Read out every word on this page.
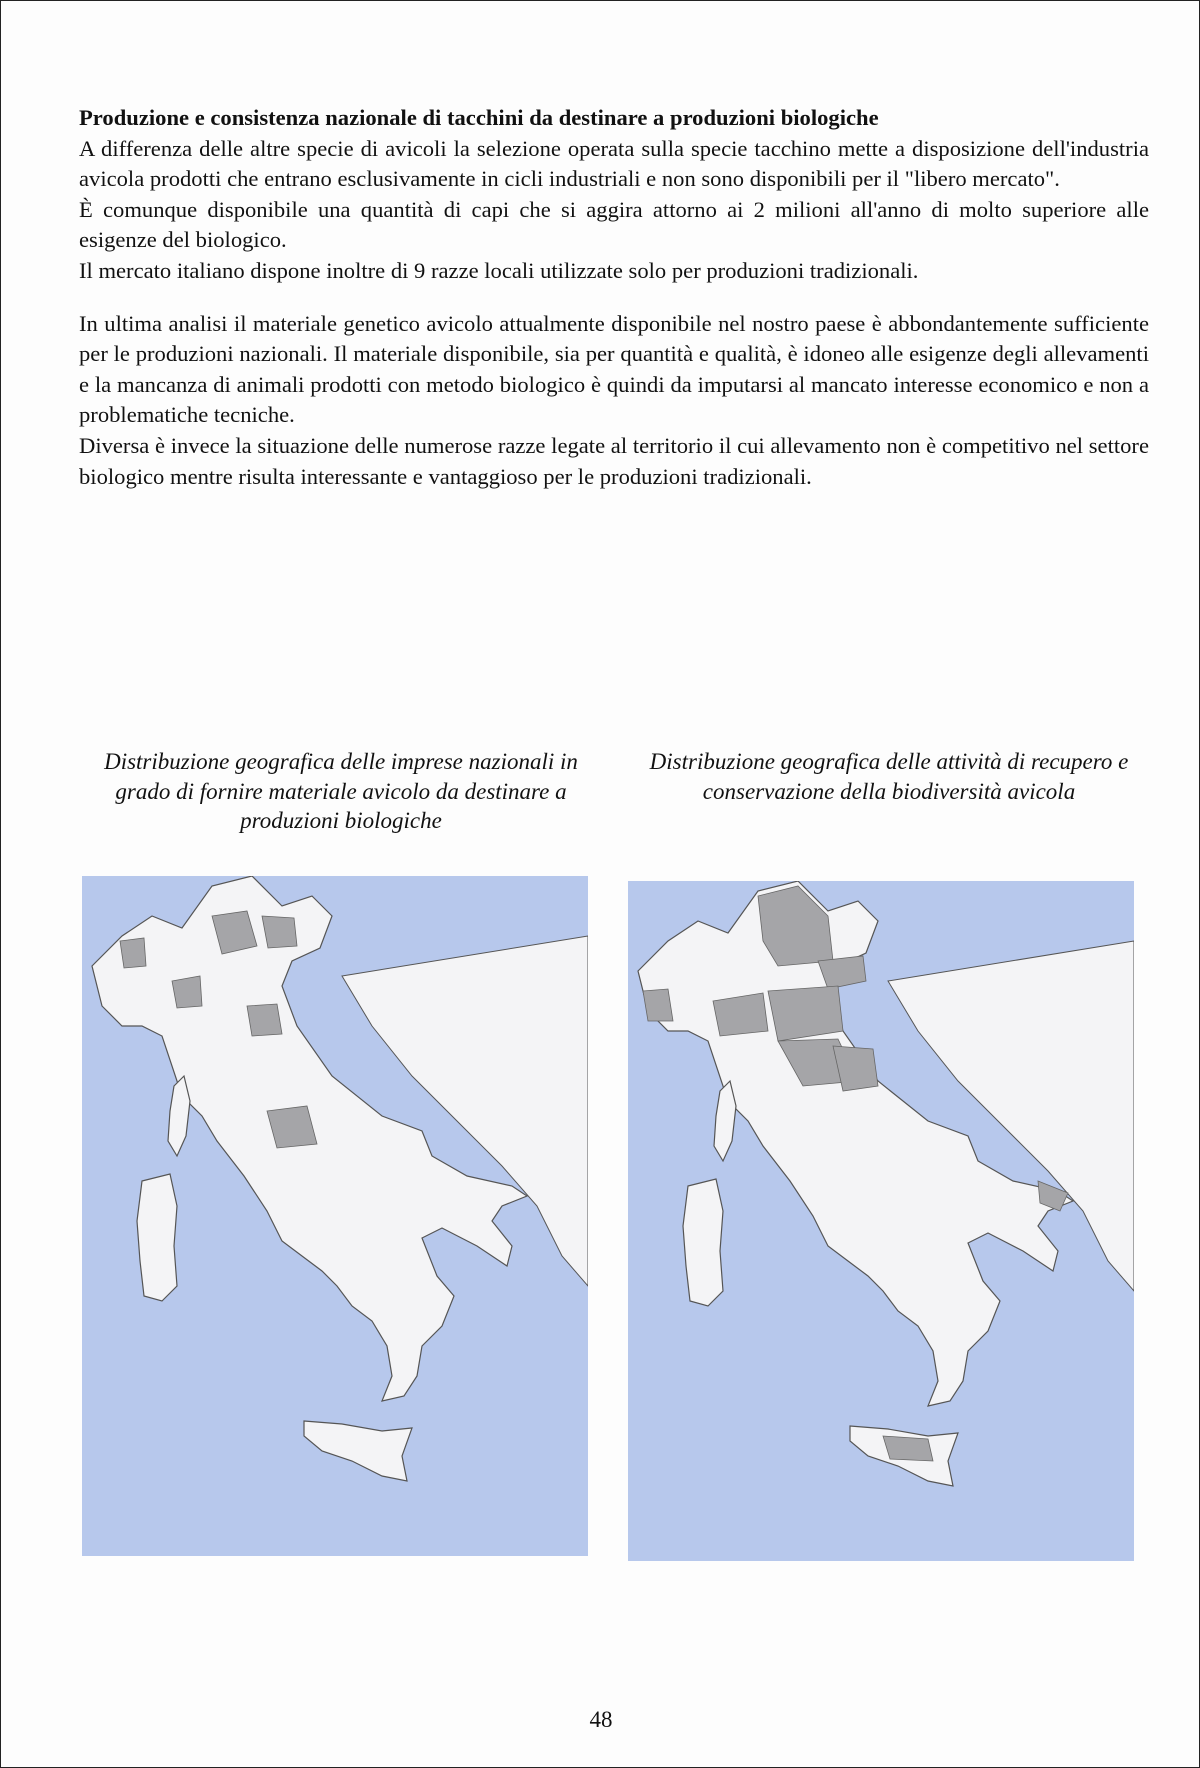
Produzione e consistenza nazionale di tacchini da destinare a produzioni biologiche

A differenza delle altre specie di avicoli la selezione operata sulla specie tacchino mette a disposizione dell'industria avicola prodotti che entrano esclusivamente in cicli industriali e non sono disponibili per il "libero mercato".

È comunque disponibile una quantità di capi che si aggira attorno ai 2 milioni all'anno di molto superiore alle esigenze del biologico.

Il mercato italiano dispone inoltre di 9 razze locali utilizzate solo per produzioni tradizionali.

In ultima analisi il materiale genetico avicolo attualmente disponibile nel nostro paese è abbondantemente sufficiente per le produzioni nazionali. Il materiale disponibile, sia per quantità e qualità, è idoneo alle esigenze degli allevamenti e la mancanza di animali prodotti con metodo biologico è quindi da imputarsi al mancato interesse economico e non a problematiche tecniche.

Diversa è invece la situazione delle numerose razze legate al territorio il cui allevamento non è competitivo nel settore biologico mentre risulta interessante e vantaggioso per le produzioni tradizionali.

Distribuzione geografica delle imprese nazionali in grado di fornire materiale avicolo da destinare a produzioni biologiche
Distribuzione geografica delle attività di recupero e conservazione della biodiversità avicola
48
